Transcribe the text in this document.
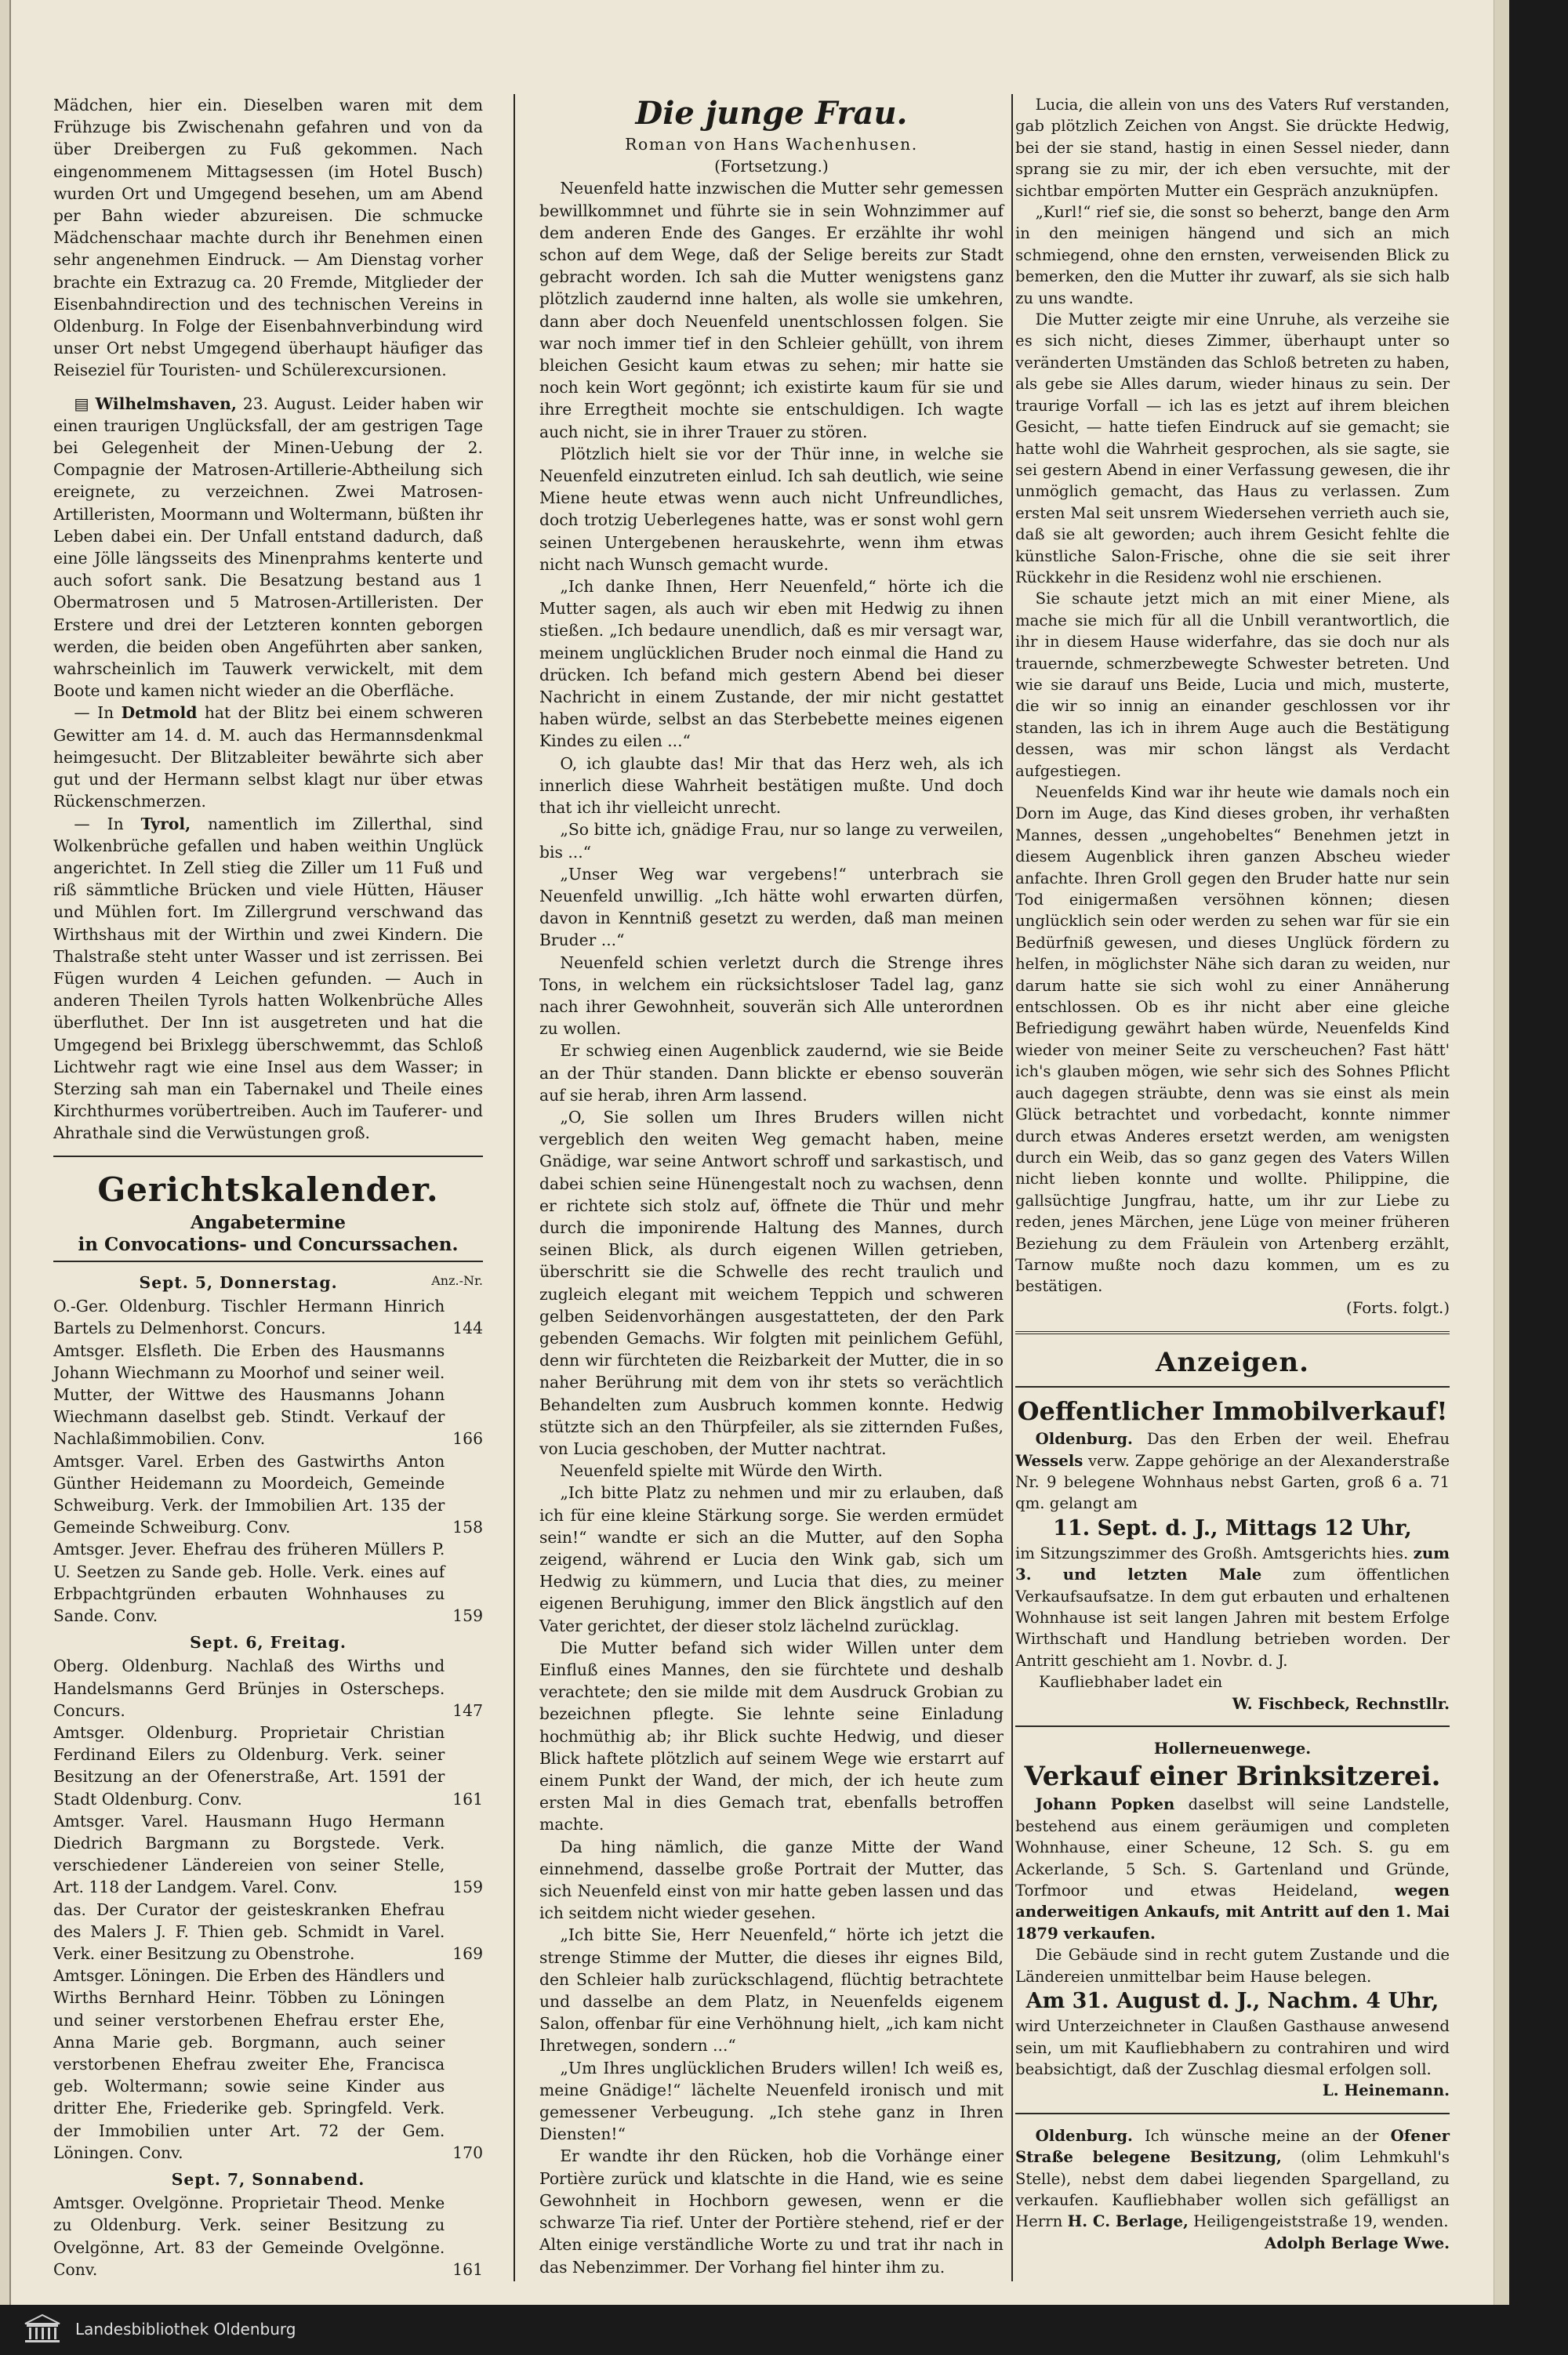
Mädchen, hier ein. Dieselben waren mit dem Frühzuge bis Zwischenahn gefahren und von da über Dreibergen zu Fuß gekommen. Nach eingenommenem Mittagsessen (im Hotel Busch) wurden Ort und Umgegend besehen, um am Abend per Bahn wieder abzureisen. Die schmucke Mädchenschaar machte durch ihr Benehmen einen sehr angenehmen Eindruck. — Am Dienstag vorher brachte ein Extrazug ca. 20 Fremde, Mitglieder der Eisenbahndirection und des technischen Vereins in Oldenburg. In Folge der Eisenbahnverbindung wird unser Ort nebst Umgegend überhaupt häufiger das Reiseziel für Touristen- und Schülerexcursionen.

▤ Wilhelmshaven, 23. August. Leider haben wir einen traurigen Unglücksfall, der am gestrigen Tage bei Gelegenheit der Minen-Uebung der 2. Compagnie der Matrosen-Artillerie-Abtheilung sich ereignete, zu verzeichnen. Zwei Matrosen-Artilleristen, Moormann und Woltermann, büßten ihr Leben dabei ein. Der Unfall entstand dadurch, daß eine Jölle längsseits des Minenprahms kenterte und auch sofort sank. Die Besatzung bestand aus 1 Obermatrosen und 5 Matrosen-Artilleristen. Der Erstere und drei der Letzteren konnten geborgen werden, die beiden oben Angeführten aber sanken, wahrscheinlich im Tauwerk verwickelt, mit dem Boote und kamen nicht wieder an die Oberfläche.

— In Detmold hat der Blitz bei einem schweren Gewitter am 14. d. M. auch das Hermannsdenkmal heimgesucht. Der Blitzableiter bewährte sich aber gut und der Hermann selbst klagt nur über etwas Rückenschmerzen.

— In Tyrol, namentlich im Zillerthal, sind Wolkenbrüche gefallen und haben weithin Unglück angerichtet. In Zell stieg die Ziller um 11 Fuß und riß sämmtliche Brücken und viele Hütten, Häuser und Mühlen fort. Im Zillergrund verschwand das Wirthshaus mit der Wirthin und zwei Kindern. Die Thalstraße steht unter Wasser und ist zerrissen. Bei Fügen wurden 4 Leichen gefunden. — Auch in anderen Theilen Tyrols hatten Wolkenbrüche Alles überfluthet. Der Inn ist ausgetreten und hat die Umgegend bei Brixlegg überschwemmt, das Schloß Lichtwehr ragt wie eine Insel aus dem Wasser; in Sterzing sah man ein Tabernakel und Theile eines Kirchthurmes vorübertreiben. Auch im Tauferer- und Ahrathale sind die Verwüstungen groß.

Gerichtskalender.
Angabetermine
in Convocations- und Concurssachen.
Sept. 5, Donnerstag.	Anz.-Nr.
O.-Ger. Oldenburg. Tischler Hermann Hinrich Bartels zu Delmenhorst. Concurs.	144
Amtsger. Elsfleth. Die Erben des Hausmanns Johann Wiechmann zu Moorhof und seiner weil. Mutter, der Wittwe des Hausmanns Johann Wiechmann daselbst geb. Stindt. Verkauf der Nachlaßimmobilien. Conv.	166
Amtsger. Varel. Erben des Gastwirths Anton Günther Heidemann zu Moordeich, Gemeinde Schweiburg. Verk. der Immobilien Art. 135 der Gemeinde Schweiburg. Conv.	158
Amtsger. Jever. Ehefrau des früheren Müllers P. U. Seetzen zu Sande geb. Holle. Verk. eines auf Erbpachtgründen erbauten Wohnhauses zu Sande. Conv.	159
Sept. 6, Freitag.
Oberg. Oldenburg. Nachlaß des Wirths und Handelsmanns Gerd Brünjes in Osterscheps. Concurs.	147
Amtsger. Oldenburg. Proprietair Christian Ferdinand Eilers zu Oldenburg. Verk. seiner Besitzung an der Ofenerstraße, Art. 1591 der Stadt Oldenburg. Conv.	161
Amtsger. Varel. Hausmann Hugo Hermann Diedrich Bargmann zu Borgstede. Verk. verschiedener Ländereien von seiner Stelle, Art. 118 der Landgem. Varel. Conv.	159
das. Der Curator der geisteskranken Ehefrau des Malers J. F. Thien geb. Schmidt in Varel. Verk. einer Besitzung zu Obenstrohe.	169
Amtsger. Löningen. Die Erben des Händlers und Wirths Bernhard Heinr. Többen zu Löningen und seiner verstorbenen Ehefrau erster Ehe, Anna Marie geb. Borgmann, auch seiner verstorbenen Ehefrau zweiter Ehe, Francisca geb. Woltermann; sowie seine Kinder aus dritter Ehe, Friederike geb. Springfeld. Verk. der Immobilien unter Art. 72 der Gem. Löningen. Conv.	170
Sept. 7, Sonnabend.
Amtsger. Ovelgönne. Proprietair Theod. Menke zu Oldenburg. Verk. seiner Besitzung zu Ovelgönne, Art. 83 der Gemeinde Ovelgönne. Conv.	161
Die junge Frau.
Roman von Hans Wachenhusen.
(Fortsetzung.)

Neuenfeld hatte inzwischen die Mutter sehr gemessen bewillkommnet und führte sie in sein Wohnzimmer auf dem anderen Ende des Ganges. Er erzählte ihr wohl schon auf dem Wege, daß der Selige bereits zur Stadt gebracht worden. Ich sah die Mutter wenigstens ganz plötzlich zaudernd inne halten, als wolle sie umkehren, dann aber doch Neuenfeld unentschlossen folgen. Sie war noch immer tief in den Schleier gehüllt, von ihrem bleichen Gesicht kaum etwas zu sehen; mir hatte sie noch kein Wort gegönnt; ich existirte kaum für sie und ihre Erregtheit mochte sie entschuldigen. Ich wagte auch nicht, sie in ihrer Trauer zu stören.

Plötzlich hielt sie vor der Thür inne, in welche sie Neuenfeld einzutreten einlud. Ich sah deutlich, wie seine Miene heute etwas wenn auch nicht Unfreundliches, doch trotzig Ueberlegenes hatte, was er sonst wohl gern seinen Untergebenen herauskehrte, wenn ihm etwas nicht nach Wunsch gemacht wurde.

„Ich danke Ihnen, Herr Neuenfeld,“ hörte ich die Mutter sagen, als auch wir eben mit Hedwig zu ihnen stießen. „Ich bedaure unendlich, daß es mir versagt war, meinem unglücklichen Bruder noch einmal die Hand zu drücken. Ich befand mich gestern Abend bei dieser Nachricht in einem Zustande, der mir nicht gestattet haben würde, selbst an das Sterbebette meines eigenen Kindes zu eilen ...“

O, ich glaubte das! Mir that das Herz weh, als ich innerlich diese Wahrheit bestätigen mußte. Und doch that ich ihr vielleicht unrecht.

„So bitte ich, gnädige Frau, nur so lange zu verweilen, bis ...“

„Unser Weg war vergebens!“ unterbrach sie Neuenfeld unwillig. „Ich hätte wohl erwarten dürfen, davon in Kenntniß gesetzt zu werden, daß man meinen Bruder ...“

Neuenfeld schien verletzt durch die Strenge ihres Tons, in welchem ein rücksichtsloser Tadel lag, ganz nach ihrer Gewohnheit, souverän sich Alle unterordnen zu wollen.

Er schwieg einen Augenblick zaudernd, wie sie Beide an der Thür standen. Dann blickte er ebenso souverän auf sie herab, ihren Arm lassend.

„O, Sie sollen um Ihres Bruders willen nicht vergeblich den weiten Weg gemacht haben, meine Gnädige, war seine Antwort schroff und sarkastisch, und dabei schien seine Hünengestalt noch zu wachsen, denn er richtete sich stolz auf, öffnete die Thür und mehr durch die imponirende Haltung des Mannes, durch seinen Blick, als durch eigenen Willen getrieben, überschritt sie die Schwelle des recht traulich und zugleich elegant mit weichem Teppich und schweren gelben Seidenvorhängen ausgestatteten, der den Park gebenden Gemachs. Wir folgten mit peinlichem Gefühl, denn wir fürchteten die Reizbarkeit der Mutter, die in so naher Berührung mit dem von ihr stets so verächtlich Behandelten zum Ausbruch kommen konnte. Hedwig stützte sich an den Thürpfeiler, als sie zitternden Fußes, von Lucia geschoben, der Mutter nachtrat.

Neuenfeld spielte mit Würde den Wirth.

„Ich bitte Platz zu nehmen und mir zu erlauben, daß ich für eine kleine Stärkung sorge. Sie werden ermüdet sein!“ wandte er sich an die Mutter, auf den Sopha zeigend, während er Lucia den Wink gab, sich um Hedwig zu kümmern, und Lucia that dies, zu meiner eigenen Beruhigung, immer den Blick ängstlich auf den Vater gerichtet, der dieser stolz lächelnd zurücklag.

Die Mutter befand sich wider Willen unter dem Einfluß eines Mannes, den sie fürchtete und deshalb verachtete; den sie milde mit dem Ausdruck Grobian zu bezeichnen pflegte. Sie lehnte seine Einladung hochmüthig ab; ihr Blick suchte Hedwig, und dieser Blick haftete plötzlich auf seinem Wege wie erstarrt auf einem Punkt der Wand, der mich, der ich heute zum ersten Mal in dies Gemach trat, ebenfalls betroffen machte.

Da hing nämlich, die ganze Mitte der Wand einnehmend, dasselbe große Portrait der Mutter, das sich Neuenfeld einst von mir hatte geben lassen und das ich seitdem nicht wieder gesehen.

„Ich bitte Sie, Herr Neuenfeld,“ hörte ich jetzt die strenge Stimme der Mutter, die dieses ihr eignes Bild, den Schleier halb zurückschlagend, flüchtig betrachtete und dasselbe an dem Platz, in Neuenfelds eigenem Salon, offenbar für eine Verhöhnung hielt, „ich kam nicht Ihretwegen, sondern ...“

„Um Ihres unglücklichen Bruders willen! Ich weiß es, meine Gnädige!“ lächelte Neuenfeld ironisch und mit gemessener Verbeugung. „Ich stehe ganz in Ihren Diensten!“

Er wandte ihr den Rücken, hob die Vorhänge einer Portière zurück und klatschte in die Hand, wie es seine Gewohnheit in Hochborn gewesen, wenn er die schwarze Tia rief. Unter der Portière stehend, rief er der Alten einige verständliche Worte zu und trat ihr nach in das Nebenzimmer. Der Vorhang fiel hinter ihm zu.

Lucia, die allein von uns des Vaters Ruf verstanden, gab plötzlich Zeichen von Angst. Sie drückte Hedwig, bei der sie stand, hastig in einen Sessel nieder, dann sprang sie zu mir, der ich eben versuchte, mit der sichtbar empörten Mutter ein Gespräch anzuknüpfen.

„Kurl!“ rief sie, die sonst so beherzt, bange den Arm in den meinigen hängend und sich an mich schmiegend, ohne den ernsten, verweisenden Blick zu bemerken, den die Mutter ihr zuwarf, als sie sich halb zu uns wandte.

Die Mutter zeigte mir eine Unruhe, als verzeihe sie es sich nicht, dieses Zimmer, überhaupt unter so veränderten Umständen das Schloß betreten zu haben, als gebe sie Alles darum, wieder hinaus zu sein. Der traurige Vorfall — ich las es jetzt auf ihrem bleichen Gesicht, — hatte tiefen Eindruck auf sie gemacht; sie hatte wohl die Wahrheit gesprochen, als sie sagte, sie sei gestern Abend in einer Verfassung gewesen, die ihr unmöglich gemacht, das Haus zu verlassen. Zum ersten Mal seit unsrem Wiedersehen verrieth auch sie, daß sie alt geworden; auch ihrem Gesicht fehlte die künstliche Salon-Frische, ohne die sie seit ihrer Rückkehr in die Residenz wohl nie erschienen.

Sie schaute jetzt mich an mit einer Miene, als mache sie mich für all die Unbill verantwortlich, die ihr in diesem Hause widerfahre, das sie doch nur als trauernde, schmerzbewegte Schwester betreten. Und wie sie darauf uns Beide, Lucia und mich, musterte, die wir so innig an einander geschlossen vor ihr standen, las ich in ihrem Auge auch die Bestätigung dessen, was mir schon längst als Verdacht aufgestiegen.

Neuenfelds Kind war ihr heute wie damals noch ein Dorn im Auge, das Kind dieses groben, ihr verhaßten Mannes, dessen „ungehobeltes“ Benehmen jetzt in diesem Augenblick ihren ganzen Abscheu wieder anfachte. Ihren Groll gegen den Bruder hatte nur sein Tod einigermaßen versöhnen können; diesen unglücklich sein oder werden zu sehen war für sie ein Bedürfniß gewesen, und dieses Unglück fördern zu helfen, in möglichster Nähe sich daran zu weiden, nur darum hatte sie sich wohl zu einer Annäherung entschlossen. Ob es ihr nicht aber eine gleiche Befriedigung gewährt haben würde, Neuenfelds Kind wieder von meiner Seite zu verscheuchen? Fast hätt' ich's glauben mögen, wie sehr sich des Sohnes Pflicht auch dagegen sträubte, denn was sie einst als mein Glück betrachtet und vorbedacht, konnte nimmer durch etwas Anderes ersetzt werden, am wenigsten durch ein Weib, das so ganz gegen des Vaters Willen nicht lieben konnte und wollte. Philippine, die gallsüchtige Jungfrau, hatte, um ihr zur Liebe zu reden, jenes Märchen, jene Lüge von meiner früheren Beziehung zu dem Fräulein von Artenberg erzählt, Tarnow mußte noch dazu kommen, um es zu bestätigen.

(Forts. folgt.)
Anzeigen.
Oeffentlicher Immobilverkauf!

Oldenburg. Das den Erben der weil. Ehefrau Wessels verw. Zappe gehörige an der Alexanderstraße Nr. 9 belegene Wohnhaus nebst Garten, groß 6 a. 71 qm. gelangt am

11. Sept. d. J., Mittags 12 Uhr,

im Sitzungszimmer des Großh. Amtsgerichts hies. zum 3. und letzten Male zum öffentlichen Verkaufsaufsatze. In dem gut erbauten und erhaltenen Wohnhause ist seit langen Jahren mit bestem Erfolge Wirthschaft und Handlung betrieben worden. Der Antritt geschieht am 1. Novbr. d. J.

Kaufliebhaber ladet ein
W. Fischbeck, Rechnstllr.
Hollerneuenwege.
Verkauf einer Brinksitzerei.

Johann Popken daselbst will seine Landstelle, bestehend aus einem geräumigen und completen Wohnhause, einer Scheune, 12 Sch. S. gu em Ackerlande, 5 Sch. S. Gartenland und Gründe, Torfmoor und etwas Heideland, wegen anderweitigen Ankaufs, mit Antritt auf den 1. Mai 1879 verkaufen.

Die Gebäude sind in recht gutem Zustande und die Ländereien unmittelbar beim Hause belegen.

Am 31. August d. J., Nachm. 4 Uhr,

wird Unterzeichneter in Claußen Gasthause anwesend sein, um mit Kaufliebhabern zu contrahiren und wird beabsichtigt, daß der Zuschlag diesmal erfolgen soll.

L. Heinemann.

Oldenburg. Ich wünsche meine an der Ofener Straße belegene Besitzung, (olim Lehmkuhl's Stelle), nebst dem dabei liegenden Spargelland, zu verkaufen. Kaufliebhaber wollen sich gefälligst an Herrn H. C. Berlage, Heiligengeiststraße 19, wenden.

Adolph Berlage Wwe.
Landesbibliothek Oldenburg
